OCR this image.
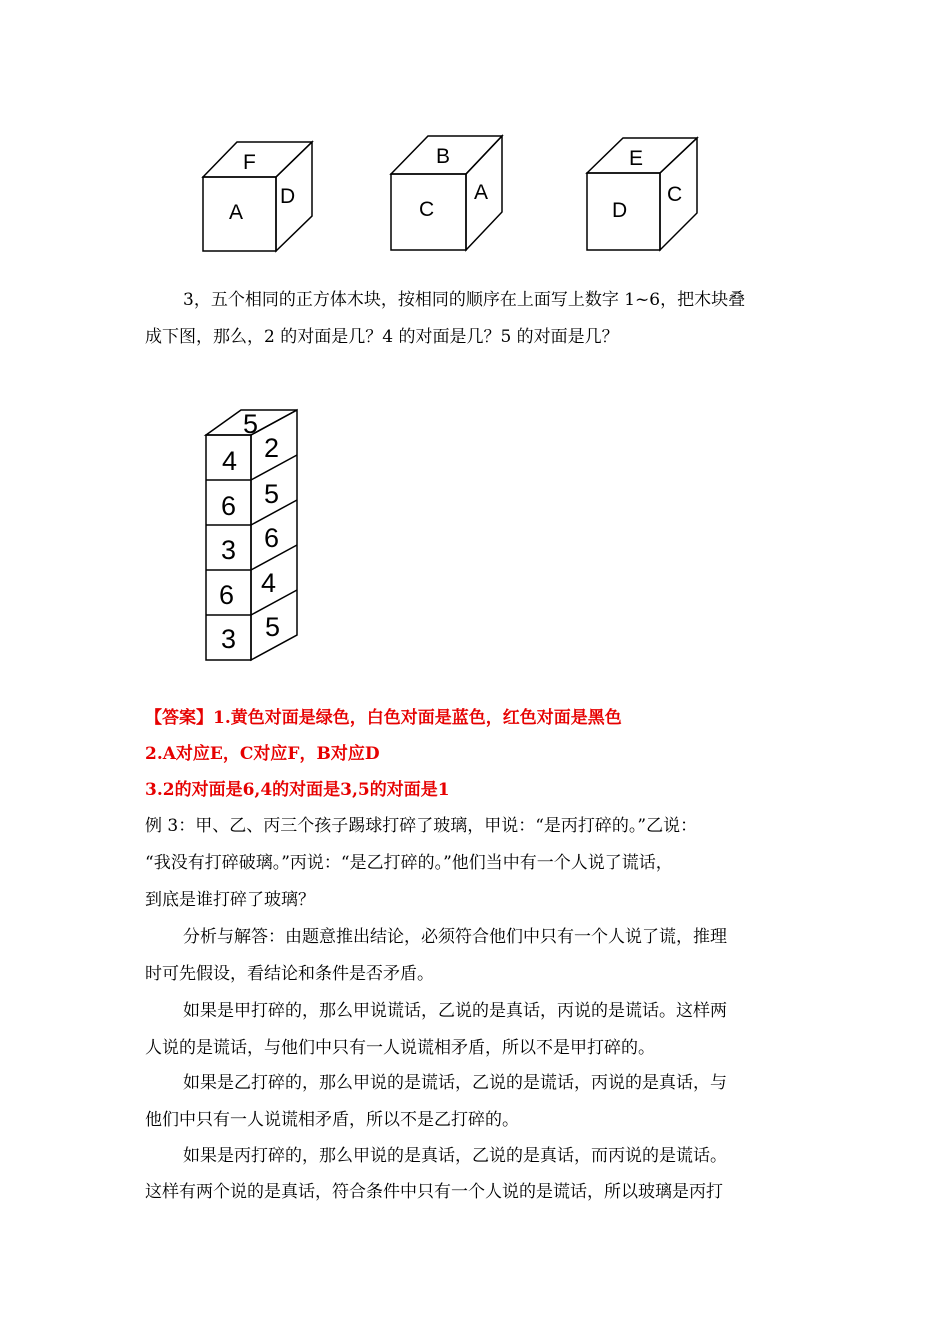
F
A
D
B
C
A
E
D
C
3，五个相同的正方体木块，按相同的顺序在上面写上数字 1~6，把木块叠
成下图，那么，2 的对面是几？4 的对面是几？5 的对面是几？
5
4
6
3
6
3
2
5
6
4
5
【答案】1.黄色对面是绿色，白色对面是蓝色，红色对面是黑色
2.A对应E，C对应F，B对应D
3.2的对面是6,4的对面是3,5的对面是1
例 3：甲、乙、丙三个孩子踢球打碎了玻璃，甲说：“是丙打碎的。”乙说：
“我没有打碎破璃。”丙说：“是乙打碎的。”他们当中有一个人说了谎话，
到底是谁打碎了玻璃？
分析与解答：由题意推出结论，必须符合他们中只有一个人说了谎，推理
时可先假设，看结论和条件是否矛盾。
如果是甲打碎的，那么甲说谎话，乙说的是真话，丙说的是谎话。这样两
人说的是谎话，与他们中只有一人说谎相矛盾，所以不是甲打碎的。
如果是乙打碎的，那么甲说的是谎话，乙说的是谎话，丙说的是真话，与
他们中只有一人说谎相矛盾，所以不是乙打碎的。
如果是丙打碎的，那么甲说的是真话，乙说的是真话，而丙说的是谎话。
这样有两个说的是真话，符合条件中只有一个人说的是谎话，所以玻璃是丙打
